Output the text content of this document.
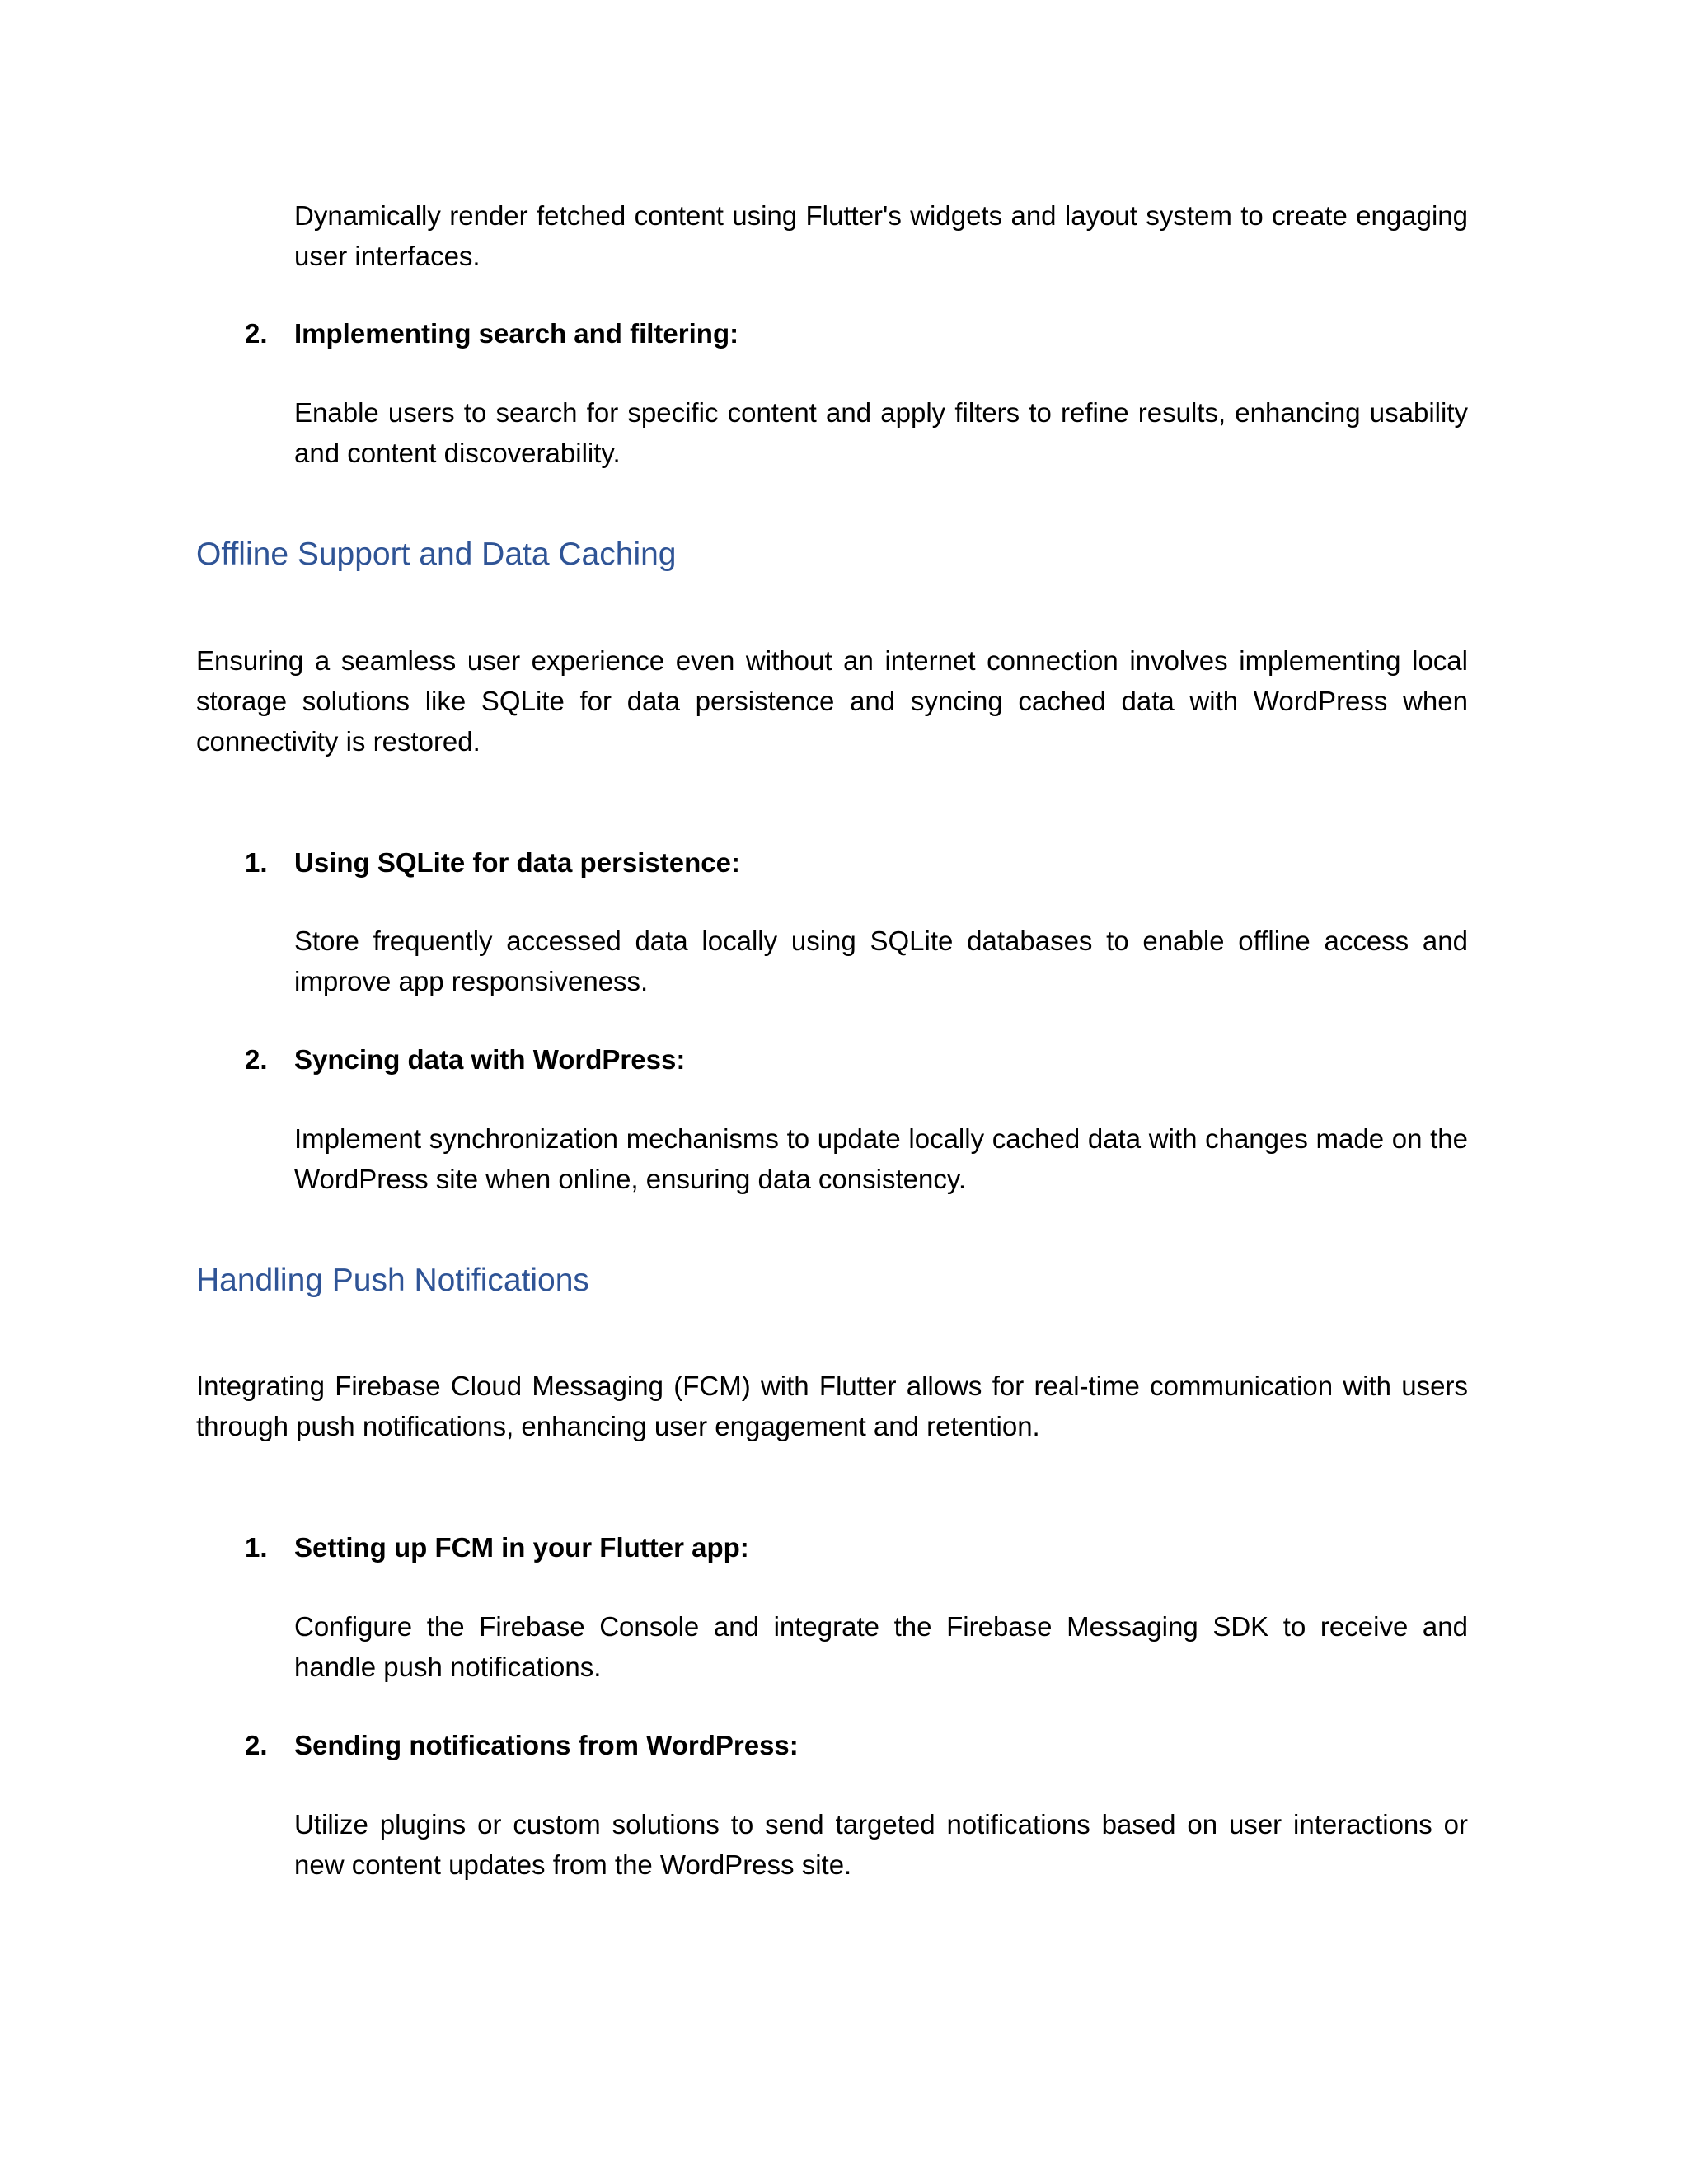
Dynamically render fetched content using Flutter's widgets and layout system to create engaging user interfaces.

2. Implementing search and filtering:

Enable users to search for specific content and apply filters to refine results, enhancing usability and content discoverability.

Offline Support and Data Caching

Ensuring a seamless user experience even without an internet connection involves implementing local storage solutions like SQLite for data persistence and syncing cached data with WordPress when connectivity is restored.

1. Using SQLite for data persistence:

Store frequently accessed data locally using SQLite databases to enable offline access and improve app responsiveness.

2. Syncing data with WordPress:

Implement synchronization mechanisms to update locally cached data with changes made on the WordPress site when online, ensuring data consistency.

Handling Push Notifications

Integrating Firebase Cloud Messaging (FCM) with Flutter allows for real-time communication with users through push notifications, enhancing user engagement and retention.

1. Setting up FCM in your Flutter app:

Configure the Firebase Console and integrate the Firebase Messaging SDK to receive and handle push notifications.

2. Sending notifications from WordPress:

Utilize plugins or custom solutions to send targeted notifications based on user interactions or new content updates from the WordPress site.
